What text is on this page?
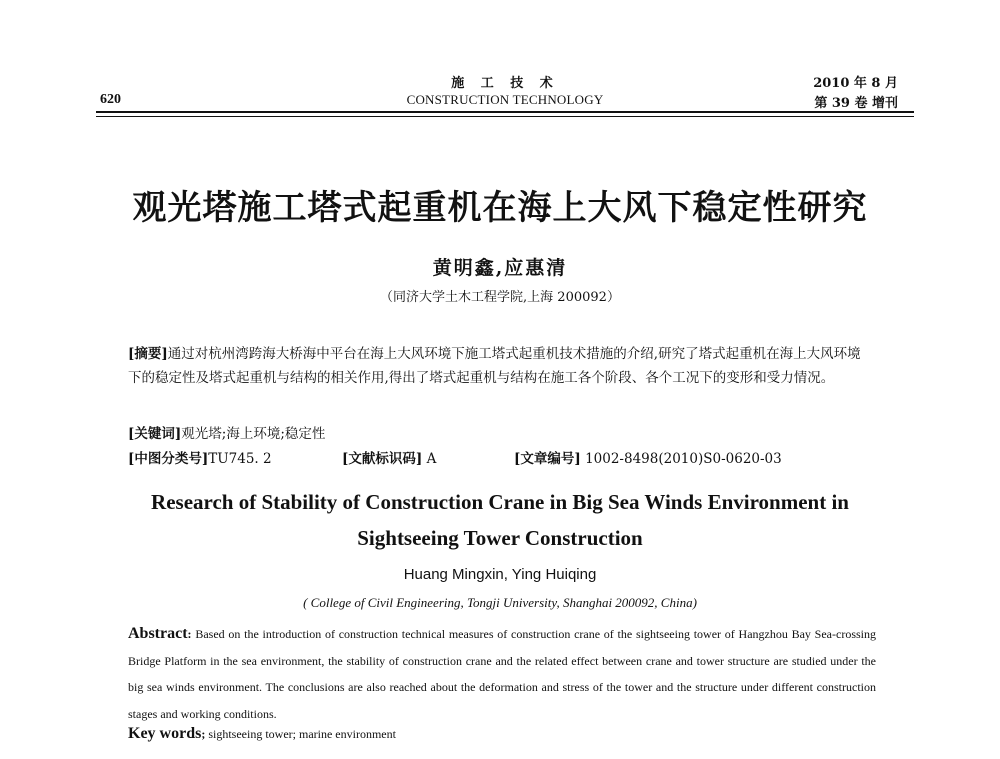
620
施 工 技 术
CONSTRUCTION TECHNOLOGY
2010 年 8 月
第 39 卷 增刊
观光塔施工塔式起重机在海上大风下稳定性研究
黄明鑫,应惠清
（同济大学土木工程学院,上海 200092）
[摘要]通过对杭州湾跨海大桥海中平台在海上大风环境下施工塔式起重机技术措施的介绍,研究了塔式起重机在海上大风环境下的稳定性及塔式起重机与结构的相关作用,得出了塔式起重机与结构在施工各个阶段、各个工况下的变形和受力情况。
[关键词]观光塔;海上环境;稳定性
[中图分类号]TU745. 2	[文献标识码] A	[文章编号] 1002-8498(2010)S0-0620-03
Research of Stability of Construction Crane in Big Sea Winds Environment in
Sightseeing Tower Construction
Huang Mingxin, Ying Huiqing
( College of Civil Engineering, Tongji University, Shanghai 200092, China)
Abstract: Based on the introduction of construction technical measures of construction crane of the sightseeing tower of Hangzhou Bay Sea-crossing Bridge Platform in the sea environment, the stability of construction crane and the related effect between crane and tower structure are studied under the big sea winds environment. The conclusions are also reached about the deformation and stress of the tower and the structure under different construction stages and working conditions.
Key words; sightseeing tower; marine environment
